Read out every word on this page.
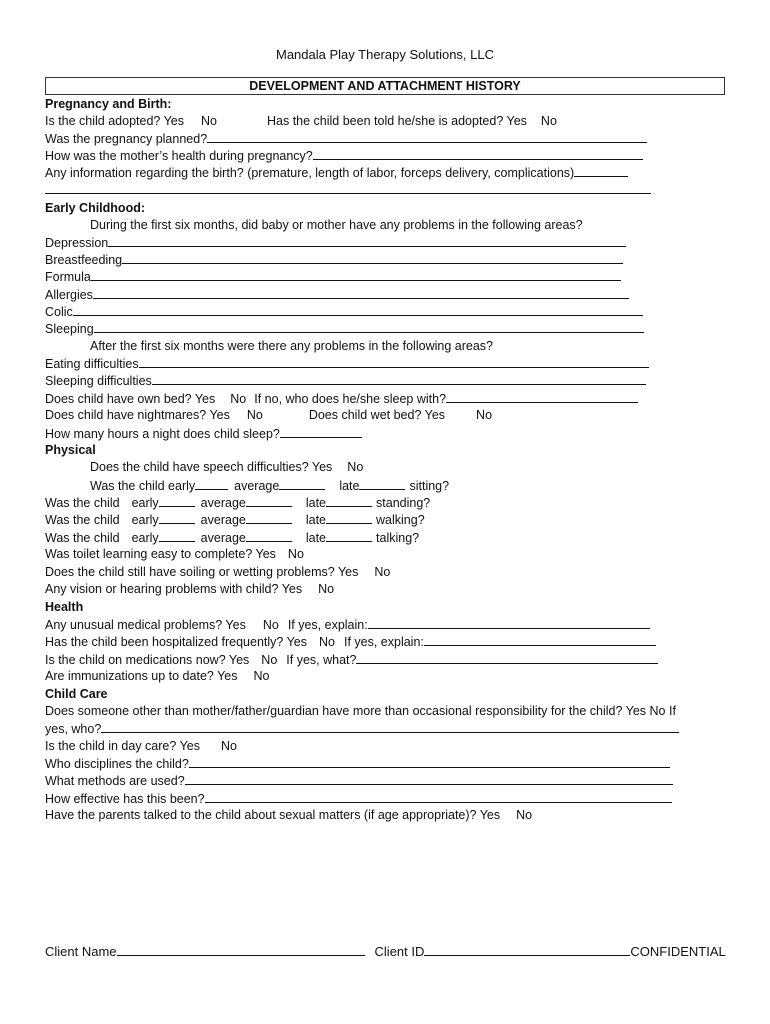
Mandala Play Therapy Solutions, LLC
DEVELOPMENT AND ATTACHMENT HISTORY
Pregnancy and Birth:
Is the child adopted? Yes No	Has the child been told he/she is adopted? Yes No
Was the pregnancy planned?
How was the mother’s health during pregnancy?
Any information regarding the birth? (premature, length of labor, forceps delivery, complications)
Early Childhood:
During the first six months, did baby or mother have any problems in the following areas?
Depression
Breastfeeding
Formula
Allergies
Colic
Sleeping
After the first six months were there any problems in the following areas?
Eating difficulties
Sleeping difficulties
Does child have own bed? Yes No If no, who does he/she sleep with?
Does child have nightmares? Yes No	Does child wet bed? Yes No
How many hours a night does child sleep?
Physical
Does the child have speech difficulties? Yes No
Was the child early	average	late	sitting?
Was the child early	average	late	standing?
Was the child early	average	late	walking?
Was the child early	average	late	talking?
Was toilet learning easy to complete? Yes No
Does the child still have soiling or wetting problems? Yes No
Any vision or hearing problems with child? Yes No
Health
Any unusual medical problems? Yes No If yes, explain:
Has the child been hospitalized frequently? Yes No If yes, explain:
Is the child on medications now? Yes No If yes, what?
Are immunizations up to date? Yes No
Child Care
Does someone other than mother/father/guardian have more than occasional responsibility for the child? Yes No If
yes, who?
Is the child in day care? Yes No
Who disciplines the child?
What methods are used?
How effective has this been?
Have the parents talked to the child about sexual matters (if age appropriate)? Yes No
Client Name	Client ID	CONFIDENTIAL
